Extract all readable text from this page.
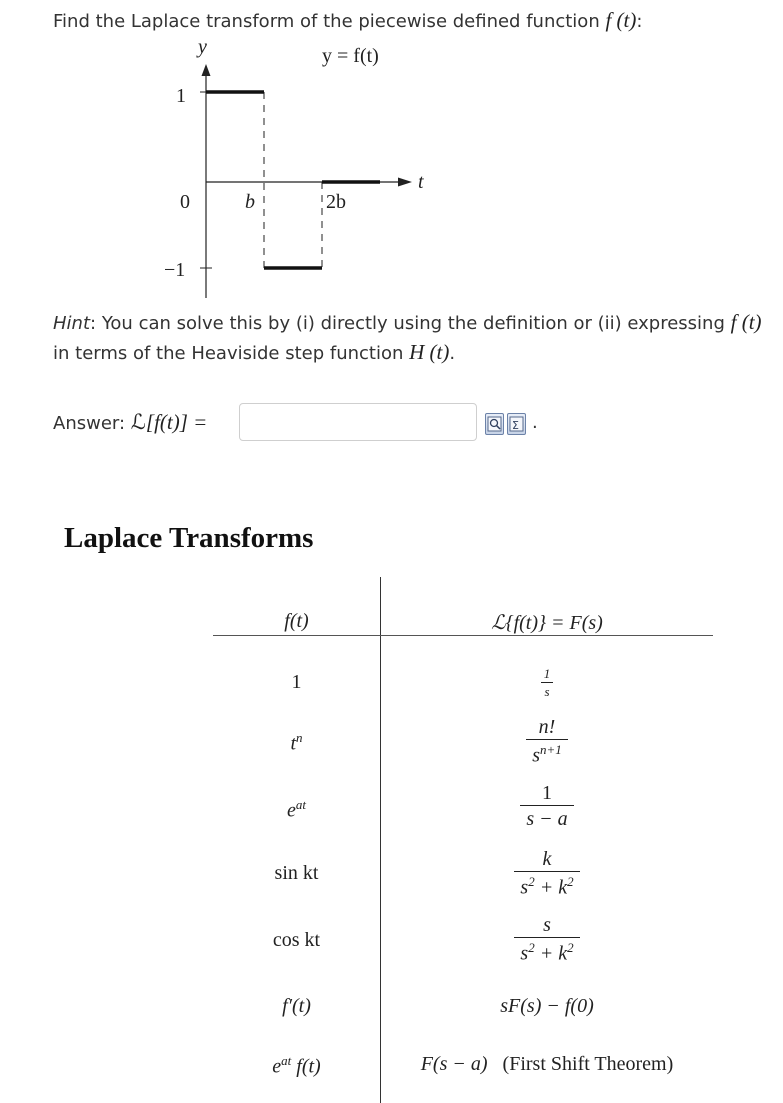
Find the Laplace transform of the piecewise defined function f (t):
y	y = f(t)
t
1
0
−1
b	2b
Hint: You can solve this by (i) directly using the definition or (ii) expressing f (t) in terms of the Heaviside step function H (t).
Answer: ℒ[f(t)] =	Σ .
Laplace Transforms
f(t)	ℒ{f(t)} = F(s)
1	$\frac{1}{s}$
$t^n$	$\frac{n!}{s^{n+1}}$
$e^{at}$	$\frac{1}{s - a}$
sin kt	$\frac{k}{s^2 + k^2}$
cos kt	$\frac{s}{s^2 + k^2}$
f′(t)	sF(s) − f(0)
$e^{at}$ f(t)	F(s − a) (First Shift Theorem)
